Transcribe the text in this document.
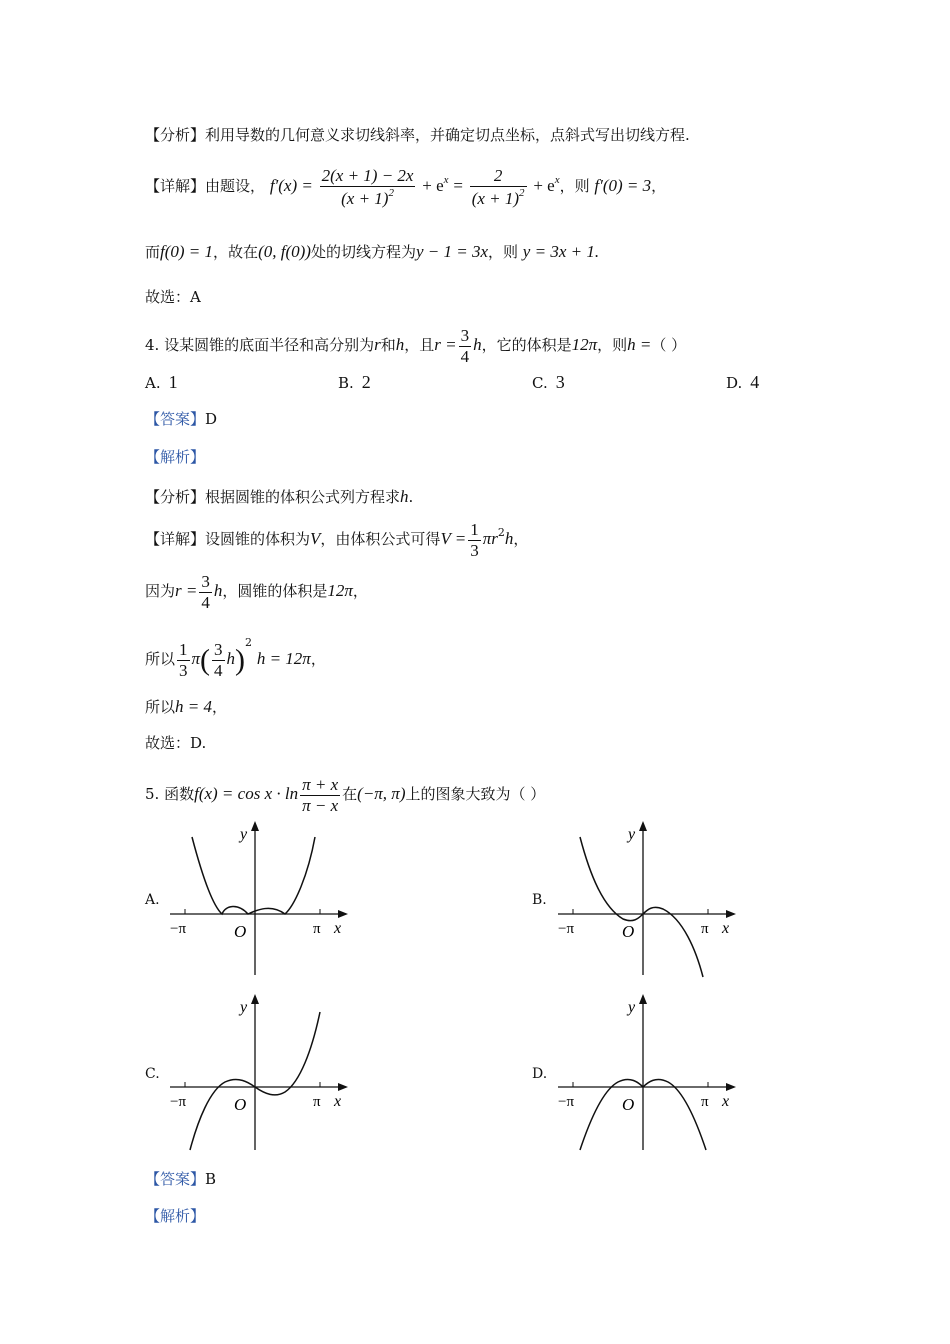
【分析】利用导数的几何意义求切线斜率，并确定切点坐标，点斜式写出切线方程.
【详解】由题设， $f'(x) = \frac{2(x + 1) - 2x}{(x + 1)^2} + e^x = \frac{2}{(x + 1)^2} + e^x$，则 f′(0) = 3，
而f(0) = 1，故在(0, f(0))处的切线方程为y − 1 = 3x，则 y = 3x + 1.
故选：A
4. 设某圆锥的底面半径和高分别为r和h，且$r = \frac{3}{4}$ h，它的体积是12π，则h =（ ）
A. 1	B. 2	C. 3	D. 4
【答案】D
【解析】
【分析】根据圆锥的体积公式列方程求h.
【详解】设圆锥的体积为V，由体积公式可得$V = \frac{1}{3} \pi r^2h$，
因为$r = \frac{3}{4}$ h，圆锥的体积是12π，
所以 $\frac{1}{3} \pi( \frac{3}{4} h)^2$ h = 12π，
所以h = 4，
故选：D.
5. 函数$f(x) = \cos x \cdot \ln \frac{\pi + x}{\pi - x}$ 在(−π, π)上的图象大致为（ ）
A.	B.
C.	D.
y
−π	O	π x
y
−π	O	π x
y
−π	O	π x
y
−π	O	π x
【答案】B
【解析】
